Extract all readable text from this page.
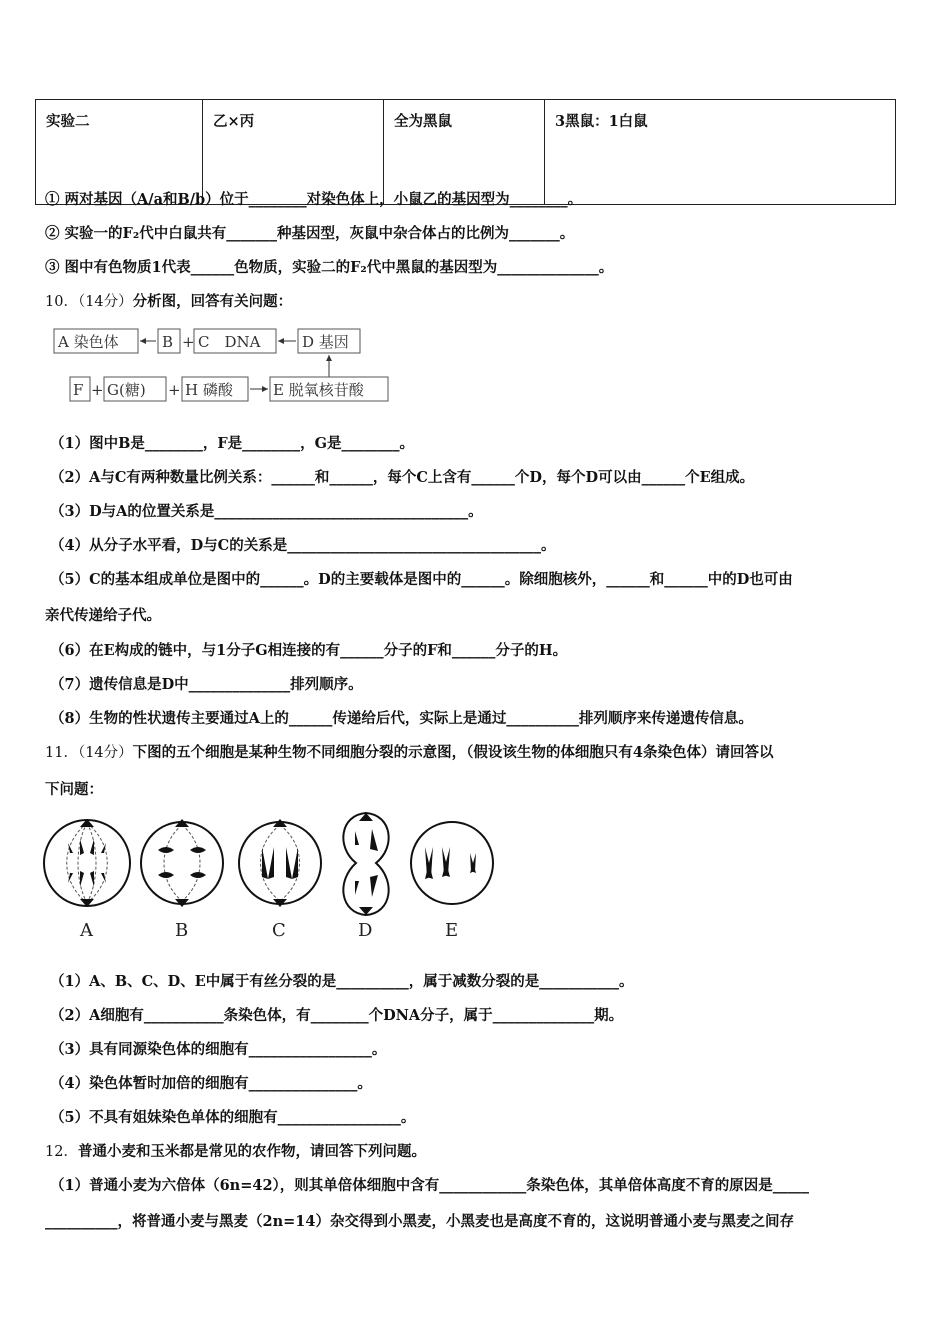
实验二	乙×丙	全为黑鼠	3黑鼠：1白鼠
① 两对基因（A/a和B/b）位于________对染色体上，小鼠乙的基因型为________。
② 实验一的F₂代中白鼠共有_______种基因型，灰鼠中杂合体占的比例为_______。
③ 图中有色物质1代表______色物质，实验二的F₂代中黑鼠的基因型为______________。
10．（14分）分析图，回答有关问题：
A 染色体	B + C　DNA	D 基因
F + G(糖) + H 磷酸	E 脱氧核苷酸
（1）图中B是________，F是________，G是________。
（2）A与C有两种数量比例关系：______和______，每个C上含有______个D，每个D可以由______个E组成。
（3）D与A的位置关系是___________________________________。
（4）从分子水平看，D与C的关系是___________________________________。
（5）C的基本组成单位是图中的______。D的主要载体是图中的______。除细胞核外，______和______中的D也可由
亲代传递给子代。
（6）在E构成的链中，与1分子G相连接的有______分子的F和______分子的H。
（7）遗传信息是D中______________排列顺序。
（8）生物的性状遗传主要通过A上的______传递给后代，实际上是通过__________排列顺序来传递遗传信息。
11．（14分）下图的五个细胞是某种生物不同细胞分裂的示意图，（假设该生物的体细胞只有4条染色体）请回答以
下问题：
A	B	C	D	E
（1）A、B、C、D、E中属于有丝分裂的是__________，属于减数分裂的是___________。
（2）A细胞有___________条染色体，有________个DNA分子，属于______________期。
（3）具有同源染色体的细胞有_________________。
（4）染色体暂时加倍的细胞有_______________。
（5）不具有姐妹染色单体的细胞有_________________。
12．普通小麦和玉米都是常见的农作物，请回答下列问题。
（1）普通小麦为六倍体（6n=42），则其单倍体细胞中含有____________条染色体，其单倍体高度不育的原因是_____
__________，将普通小麦与黑麦（2n=14）杂交得到小黑麦，小黑麦也是高度不育的，这说明普通小麦与黑麦之间存
